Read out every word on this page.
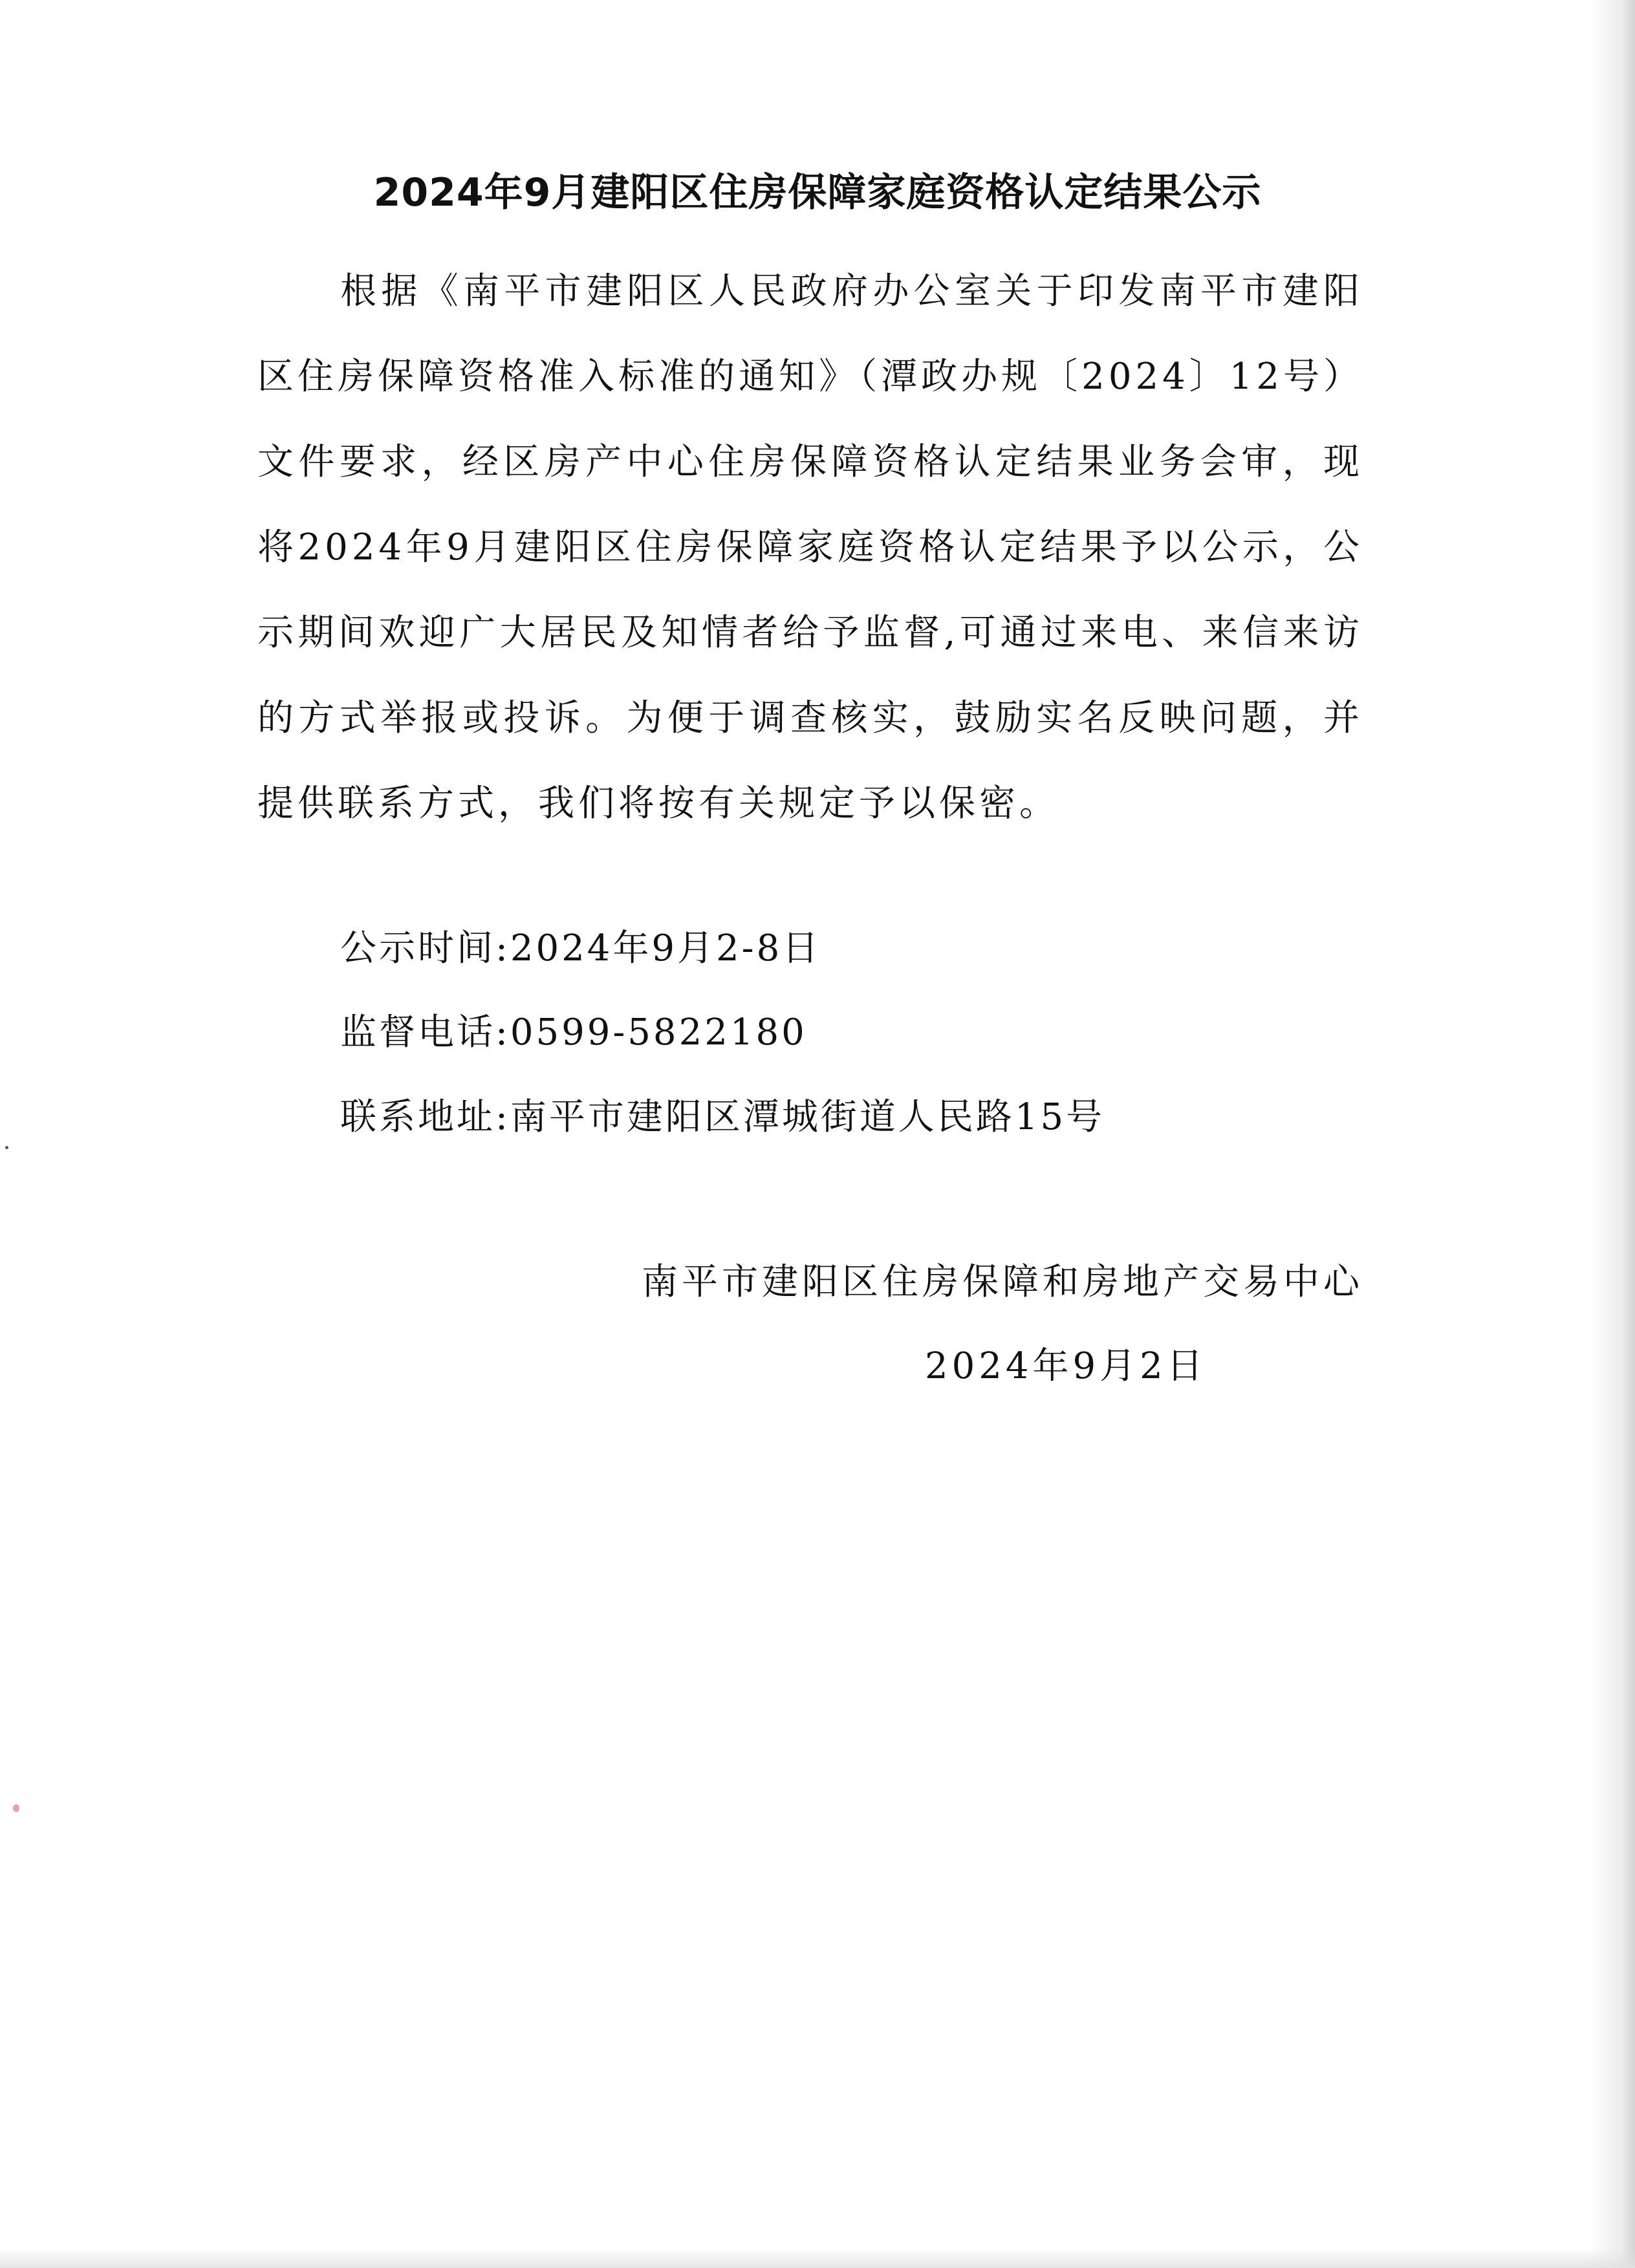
2024年9月建阳区住房保障家庭资格认定结果公示

根据《南平市建阳区人民政府办公室关于印发南平市建阳区住房保障资格准入标准的通知》（潭政办规〔2024〕12号）文件要求，经区房产中心住房保障资格认定结果业务会审，现将2024年9月建阳区住房保障家庭资格认定结果予以公示，公示期间欢迎广大居民及知情者给予监督,可通过来电、来信来访的方式举报或投诉。为便于调查核实，鼓励实名反映问题，并提供联系方式，我们将按有关规定予以保密。

公示时间:2024年9月2-8日
监督电话:0599-5822180
联系地址:南平市建阳区潭城街道人民路15号
南平市建阳区住房保障和房地产交易中心
2024年9月2日
